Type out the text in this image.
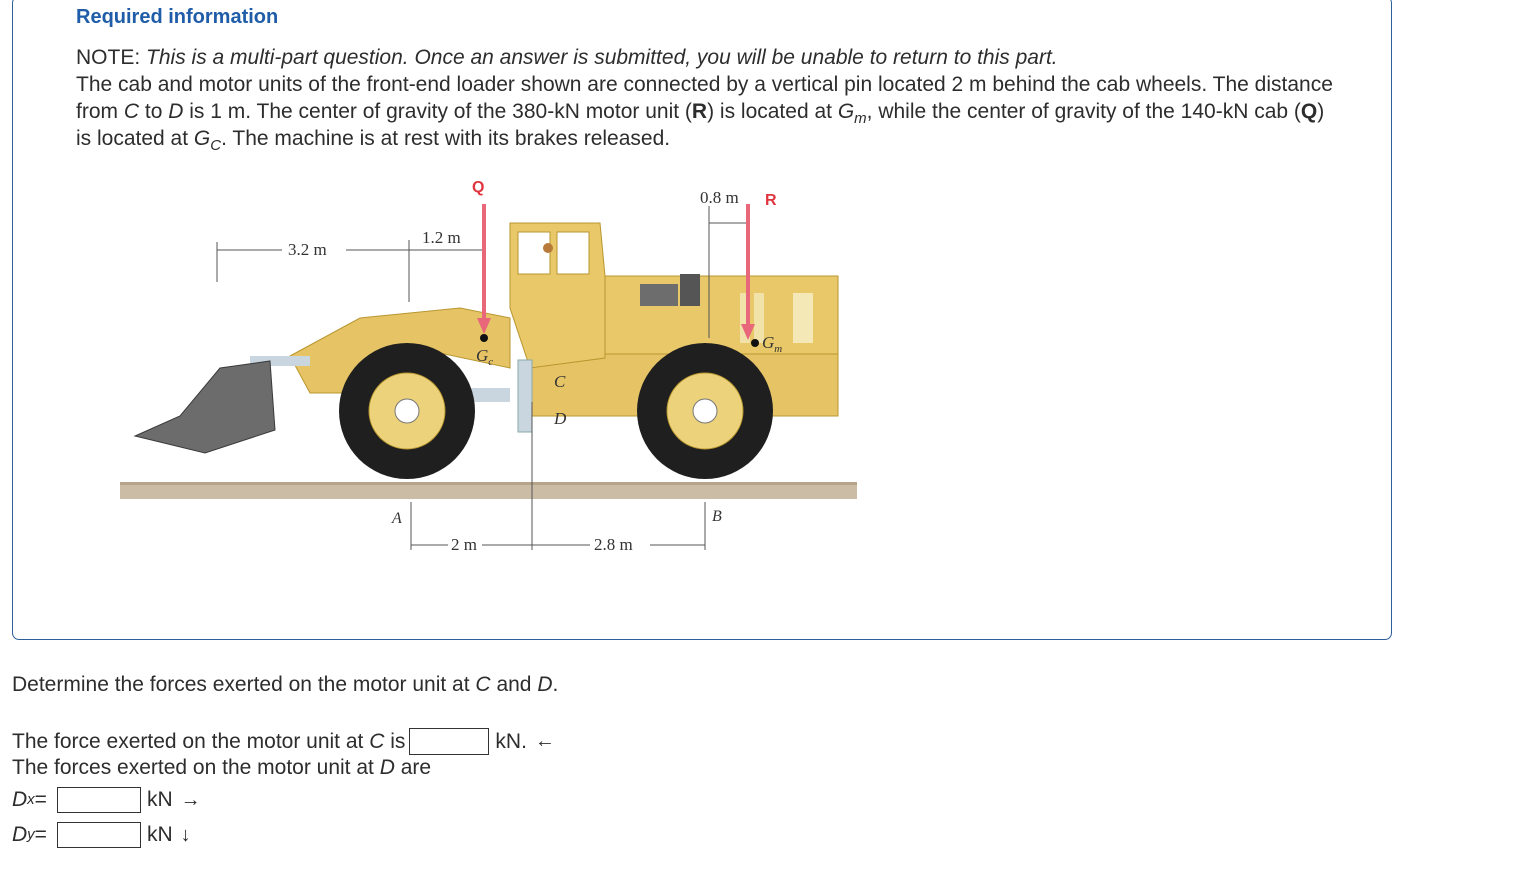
Required information
NOTE: This is a multi-part question. Once an answer is submitted, you will be unable to return to this part.
The cab and motor units of the front-end loader shown are connected by a vertical pin located 2 m behind the cab wheels. The distance from C to D is 1 m. The center of gravity of the 380-kN motor unit (R) is located at $G_m$, while the center of gravity of the 140-kN cab (Q) is located at $G_C$. The machine is at rest with its brakes released.
Q
R
3.2 m
1.2 m
0.8 m
$G_c$
$G_m$
C
D
A	B
2 m	2.8 m
Determine the forces exerted on the motor unit at C and D.
The force exerted on the motor unit at
C
is	kN. ←
The forces exerted on the motor unit at
D
are
D x =	kN →
D y =	kN ↓
